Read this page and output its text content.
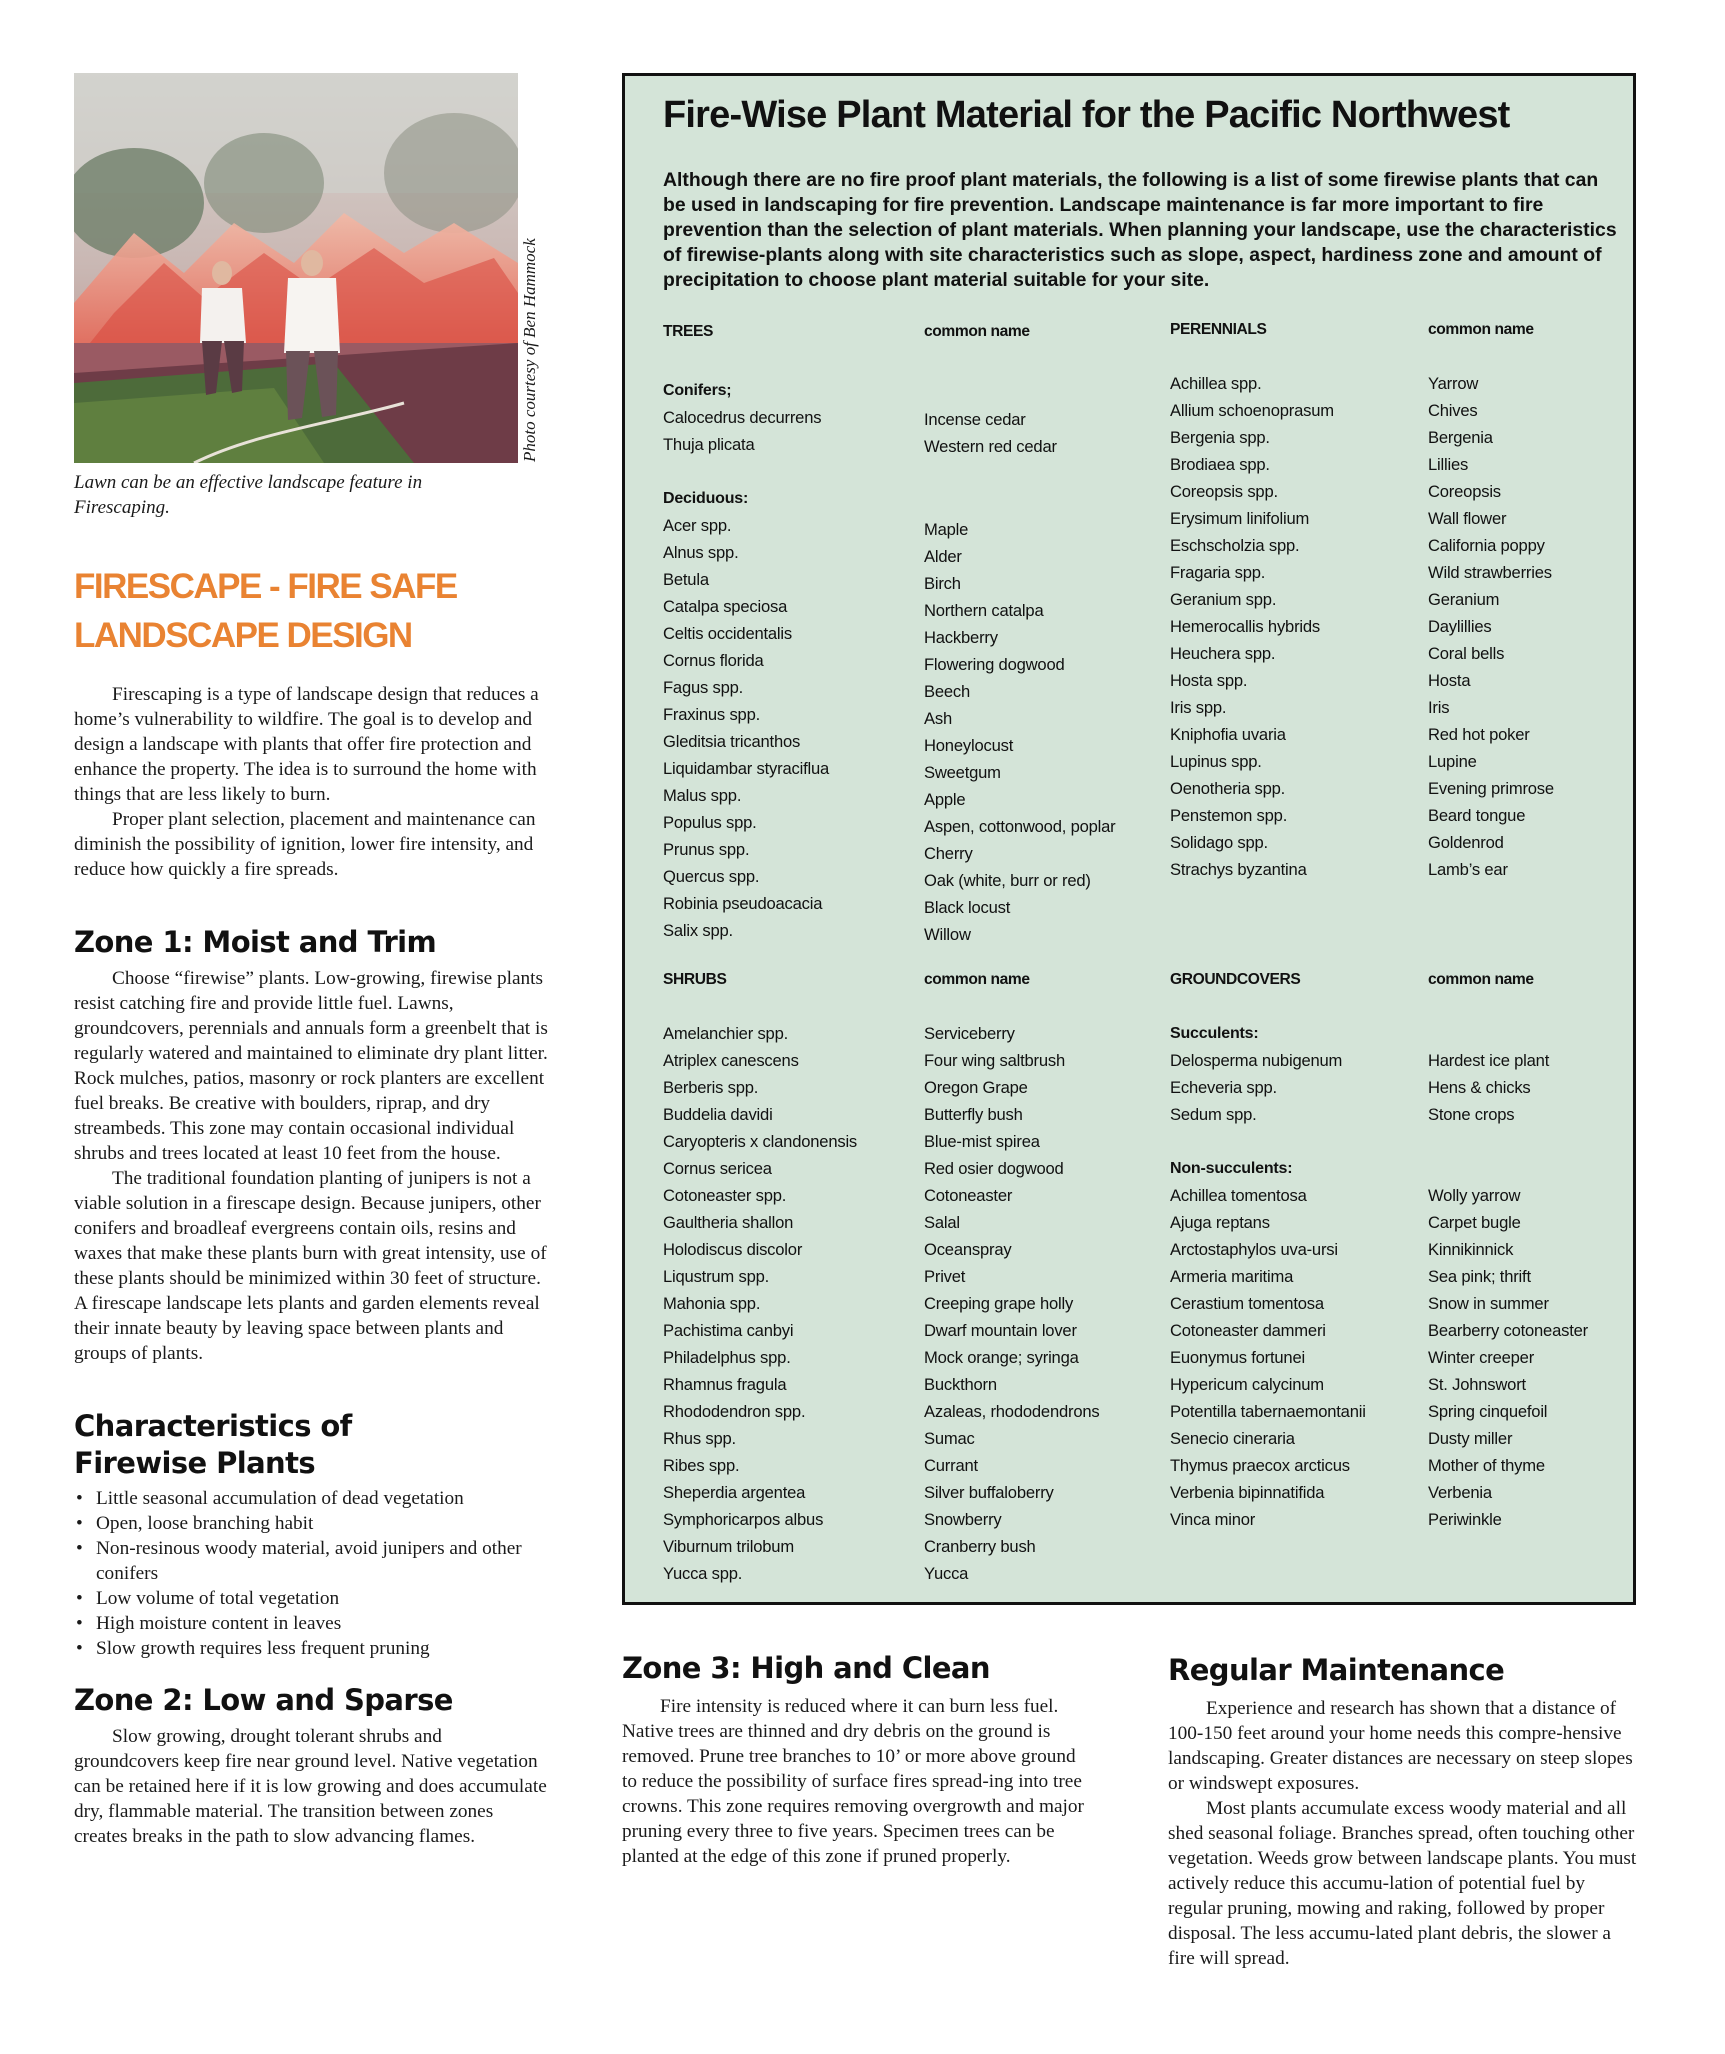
Photo courtesy of Ben Hammock
Lawn can be an effective landscape feature in Firescaping.
FIRESCAPE - FIRE SAFE
LANDSCAPE DESIGN

Firescaping is a type of landscape design that reduces a home’s vulnerability to wildfire. The goal is to develop and design a landscape with plants that offer fire protection and enhance the property. The idea is to surround the home with things that are less likely to burn.

Proper plant selection, placement and maintenance can diminish the possibility of ignition, lower fire intensity, and reduce how quickly a fire spreads.

Zone 1: Moist and Trim

Choose “firewise” plants. Low-growing, firewise plants resist catching fire and provide little fuel. Lawns, groundcovers, perennials and annuals form a greenbelt that is regularly watered and maintained to eliminate dry plant litter. Rock mulches, patios, masonry or rock planters are excellent fuel breaks. Be creative with boulders, riprap, and dry streambeds. This zone may contain occasional individual shrubs and trees located at least 10 feet from the house.

The traditional foundation planting of junipers is not a viable solution in a firescape design. Because junipers, other conifers and broadleaf evergreens contain oils, resins and waxes that make these plants burn with great intensity, use of these plants should be minimized within 30 feet of structure. A firescape landscape lets plants and garden elements reveal their innate beauty by leaving space between plants and groups of plants.

Characteristics of
Firewise Plants
• Little seasonal accumulation of dead vegetation
• Open, loose branching habit
• Non-resinous woody material, avoid junipers and other conifers
• Low volume of total vegetation
• High moisture content in leaves
• Slow growth requires less frequent pruning
Zone 2: Low and Sparse

Slow growing, drought tolerant shrubs and groundcovers keep fire near ground level. Native vegetation can be retained here if it is low growing and does accumulate dry, flammable material. The transition between zones creates breaks in the path to slow advancing flames.

Fire-Wise Plant Material for the Pacific Northwest
Although there are no fire proof plant materials, the following is a list of some firewise plants that can be used in landscaping for fire prevention. Landscape maintenance is far more important to fire prevention than the selection of plant materials. When planning your landscape, use the characteristics of firewise-plants along with site characteristics such as slope, aspect, hardiness zone and amount of precipitation to choose plant material suitable for your site.
TREES
Conifers;
Calocedrus decurrens
Thuja plicata
Deciduous:
Acer spp.
Alnus spp.
Betula
Catalpa speciosa
Celtis occidentalis
Cornus florida
Fagus spp.
Fraxinus spp.
Gleditsia tricanthos
Liquidambar styraciflua
Malus spp.
Populus spp.
Prunus spp.
Quercus spp.
Robinia pseudoacacia
Salix spp.
common name
Incense cedar
Western red cedar
Maple
Alder
Birch
Northern catalpa
Hackberry
Flowering dogwood
Beech
Ash
Honeylocust
Sweetgum
Apple
Aspen, cottonwood, poplar
Cherry
Oak (white, burr or red)
Black locust
Willow
PERENNIALS
Achillea spp.
Allium schoenoprasum
Bergenia spp.
Brodiaea spp.
Coreopsis spp.
Erysimum linifolium
Eschscholzia spp.
Fragaria spp.
Geranium spp.
Hemerocallis hybrids
Heuchera spp.
Hosta spp.
Iris spp.
Kniphofia uvaria
Lupinus spp.
Oenotheria spp.
Penstemon spp.
Solidago spp.
Strachys byzantina
common name
Yarrow
Chives
Bergenia
Lillies
Coreopsis
Wall flower
California poppy
Wild strawberries
Geranium
Daylillies
Coral bells
Hosta
Iris
Red hot poker
Lupine
Evening primrose
Beard tongue
Goldenrod
Lamb’s ear
SHRUBS
Amelanchier spp.
Atriplex canescens
Berberis spp.
Buddelia davidi
Caryopteris x clandonensis
Cornus sericea
Cotoneaster spp.
Gaultheria shallon
Holodiscus discolor
Liqustrum spp.
Mahonia spp.
Pachistima canbyi
Philadelphus spp.
Rhamnus fragula
Rhododendron spp.
Rhus spp.
Ribes spp.
Sheperdia argentea
Symphoricarpos albus
Viburnum trilobum
Yucca spp.
common name
Serviceberry
Four wing saltbrush
Oregon Grape
Butterfly bush
Blue-mist spirea
Red osier dogwood
Cotoneaster
Salal
Oceanspray
Privet
Creeping grape holly
Dwarf mountain lover
Mock orange; syringa
Buckthorn
Azaleas, rhododendrons
Sumac
Currant
Silver buffaloberry
Snowberry
Cranberry bush
Yucca
GROUNDCOVERS
Succulents:
Delosperma nubigenum
Echeveria spp.
Sedum spp.
Non-succulents:
Achillea tomentosa
Ajuga reptans
Arctostaphylos uva-ursi
Armeria maritima
Cerastium tomentosa
Cotoneaster dammeri
Euonymus fortunei
Hypericum calycinum
Potentilla tabernaemontanii
Senecio cineraria
Thymus praecox arcticus
Verbenia bipinnatifida
Vinca minor
common name
Hardest ice plant
Hens & chicks
Stone crops
Wolly yarrow
Carpet bugle
Kinnikinnick
Sea pink; thrift
Snow in summer
Bearberry cotoneaster
Winter creeper
St. Johnswort
Spring cinquefoil
Dusty miller
Mother of thyme
Verbenia
Periwinkle
Zone 3: High and Clean

Fire intensity is reduced where it can burn less fuel. Native trees are thinned and dry debris on the ground is removed. Prune tree branches to 10’ or more above ground to reduce the possibility of surface fires spread-ing into tree crowns. This zone requires removing overgrowth and major pruning every three to five years. Specimen trees can be planted at the edge of this zone if pruned properly.

Regular Maintenance

Experience and research has shown that a distance of 100-150 feet around your home needs this compre-hensive landscaping. Greater distances are necessary on steep slopes or windswept exposures.

Most plants accumulate excess woody material and all shed seasonal foliage. Branches spread, often touching other vegetation. Weeds grow between landscape plants. You must actively reduce this accumu-lation of potential fuel by regular pruning, mowing and raking, followed by proper disposal. The less accumu-lated plant debris, the slower a fire will spread.
